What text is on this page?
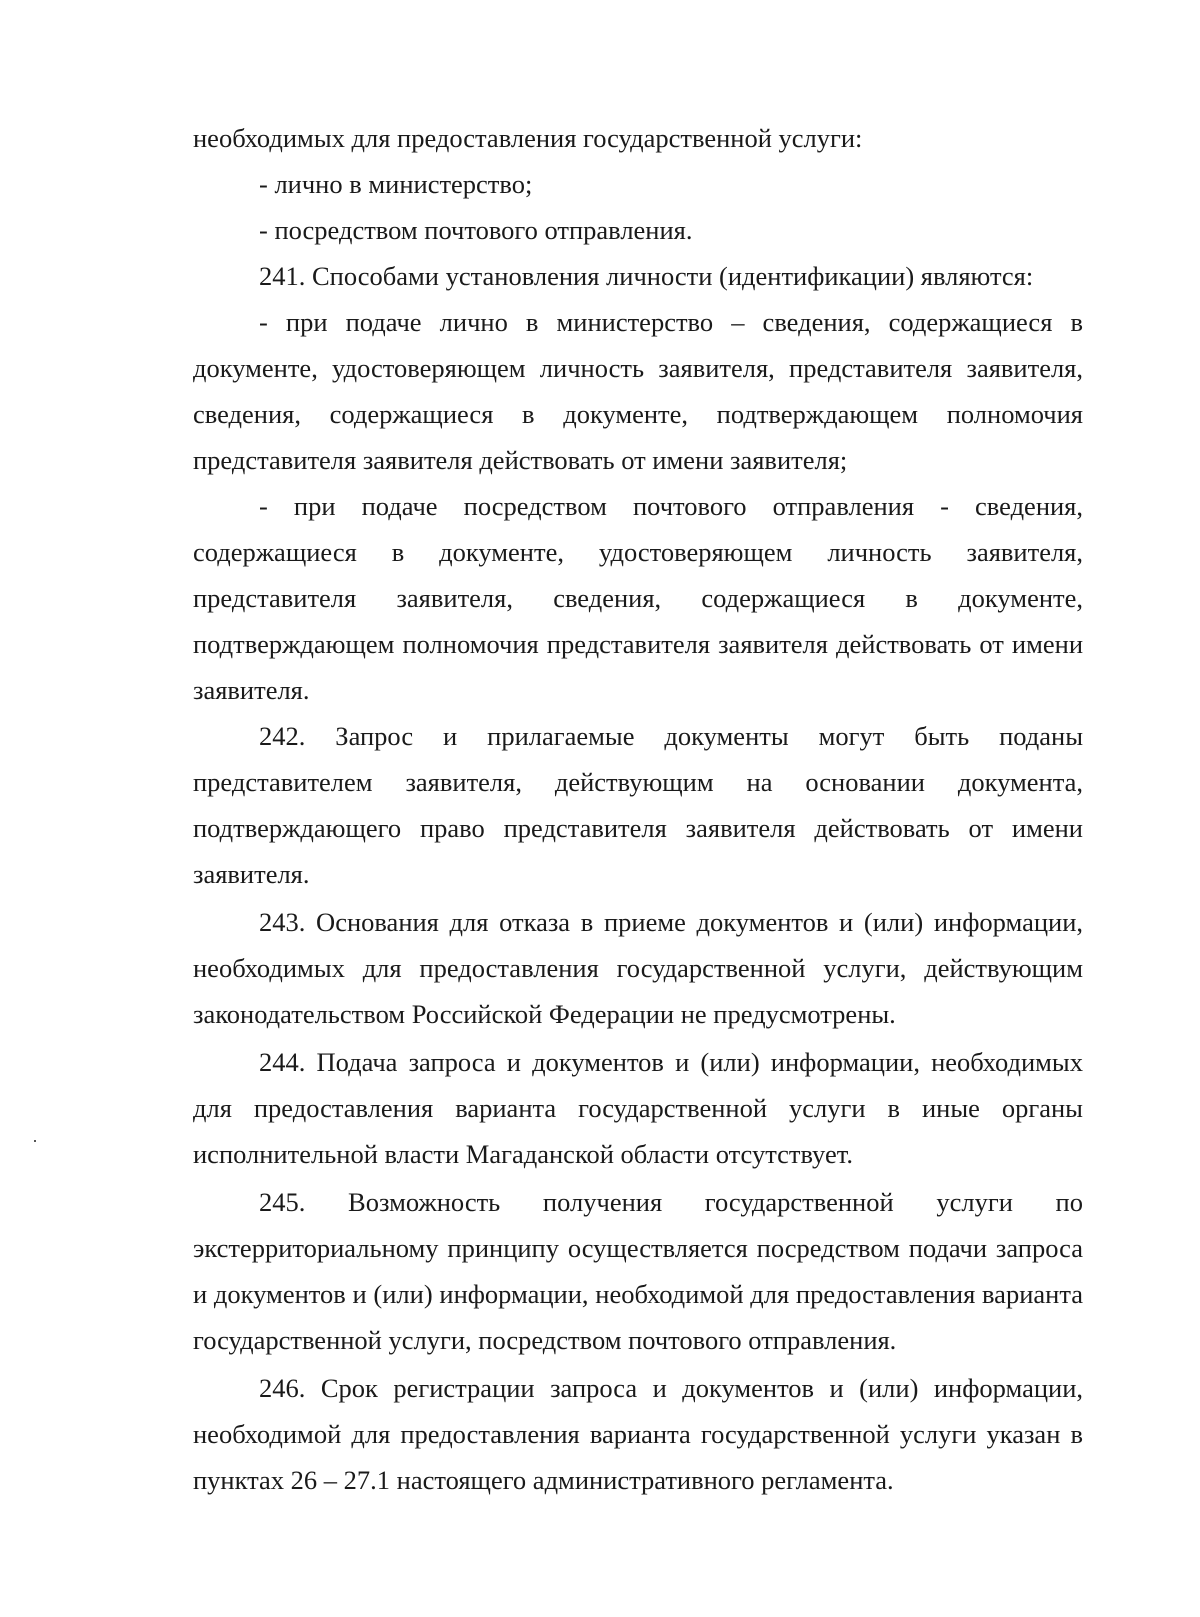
необходимых для предоставления государственной услуги:

- лично в министерство;

- посредством почтового отправления.

241. Способами установления личности (идентификации) являются:

- при подаче лично в министерство – сведения, содержащиеся в документе, удостоверяющем личность заявителя, представителя заявителя, сведения, содержащиеся в документе, подтверждающем полномочия представителя заявителя действовать от имени заявителя;

- при подаче посредством почтового отправления - сведения, содержащиеся в документе, удостоверяющем личность заявителя, представителя заявителя, сведения, содержащиеся в документе, подтверждающем полномочия представителя заявителя действовать от имени заявителя.

242. Запрос и прилагаемые документы могут быть поданы представителем заявителя, действующим на основании документа, подтверждающего право представителя заявителя действовать от имени заявителя.

243. Основания для отказа в приеме документов и (или) информации, необходимых для предоставления государственной услуги, действующим законодательством Российской Федерации не предусмотрены.

244. Подача запроса и документов и (или) информации, необходимых для предоставления варианта государственной услуги в иные органы исполнительной власти Магаданской области отсутствует.

245. Возможность получения государственной услуги по экстерриториальному принципу осуществляется посредством подачи запроса и документов и (или) информации, необходимой для предоставления варианта государственной услуги, посредством почтового отправления.

246. Срок регистрации запроса и документов и (или) информации, необходимой для предоставления варианта государственной услуги указан в пунктах 26 – 27.1 настоящего административного регламента.
